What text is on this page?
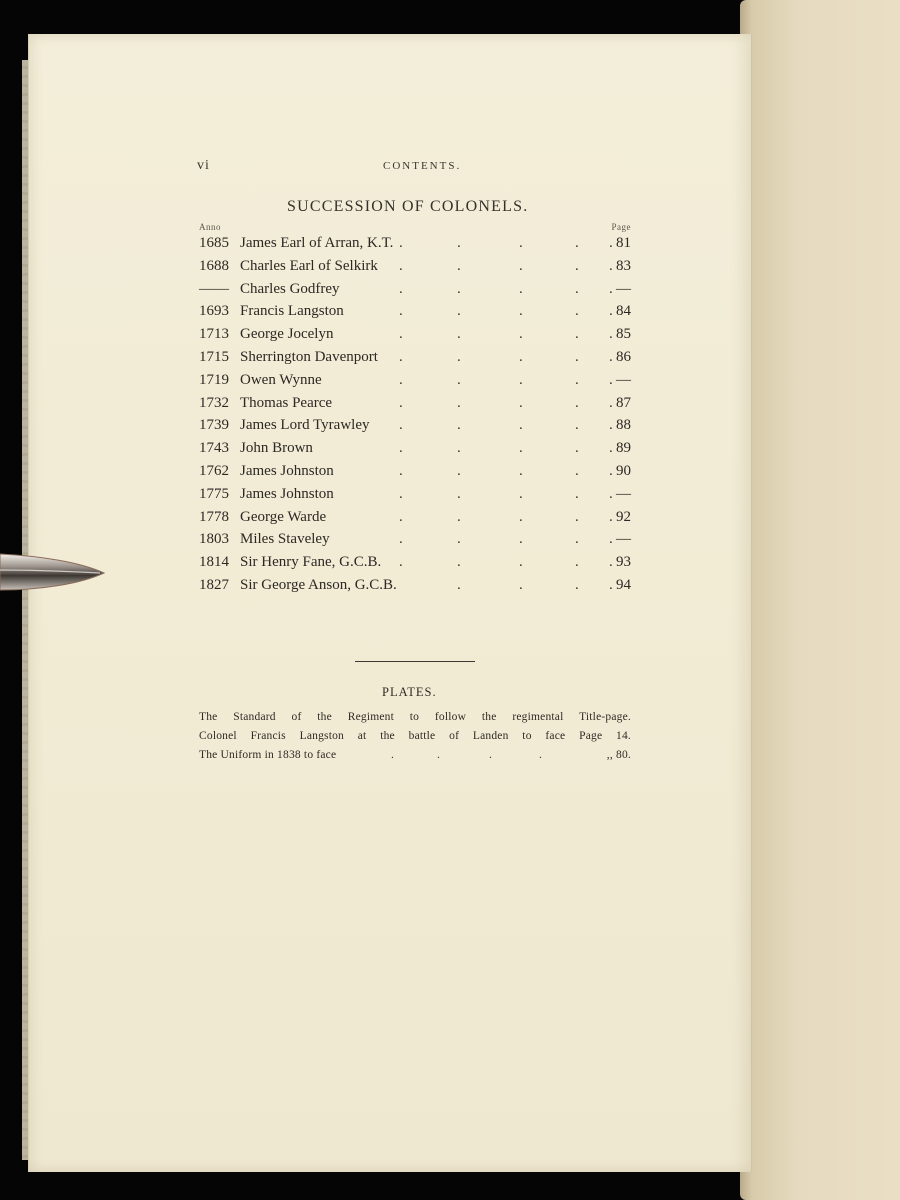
vi	CONTENTS.
SUCCESSION OF COLONELS.
Anno	Page
1685 James Earl of Arran, K.T. .	.	.	. . 81
1688 Charles Earl of Selkirk .	.	.	. . 83
—— Charles Godfrey	.	.	.	. . —
1693 Francis Langston	.	.	.	. . 84
1713 George Jocelyn	.	.	.	. . 85
1715 Sherrington Davenport .	.	.	. . 86
1719 Owen Wynne	.	.	.	. . —
1732 Thomas Pearce	.	.	.	. . 87
1739 James Lord Tyrawley .	.	.	. . 88
1743 John Brown	.	.	.	. . 89
1762 James Johnston	.	.	.	. . 90
1775 James Johnston	.	.	.	. . —
1778 George Warde	.	.	.	. . 92
1803 Miles Staveley	.	.	.	. . —
1814 Sir Henry Fane, G.C.B. .	.	.	. . 93
1827 Sir George Anson, G.C.B.	.	.	. . 94
PLATES.
The Standard of the Regiment to follow the regimental Title-page.
Colonel Francis Langston at the battle of Landen to face Page 14.
The Uniform in 1838 to face	.	.	.	.	,, 80.
